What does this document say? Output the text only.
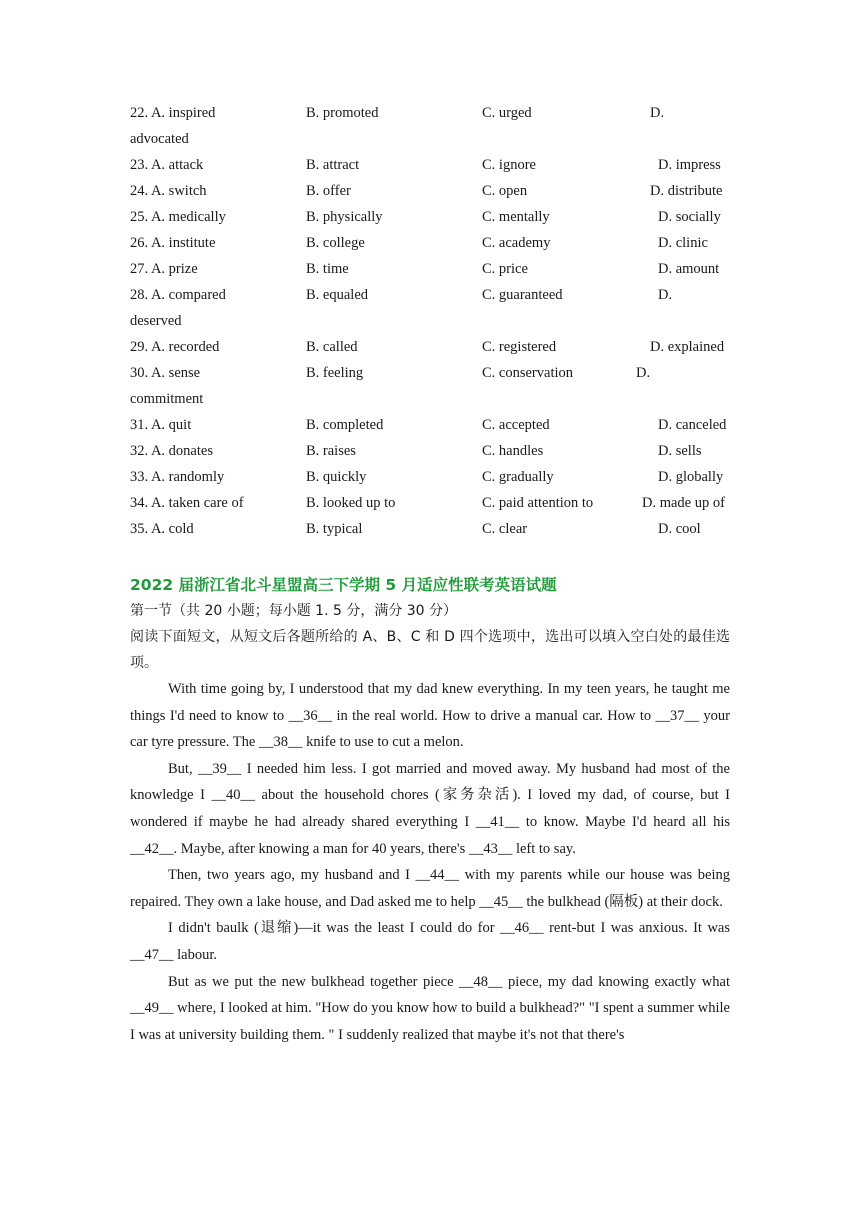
22. A. inspired	B. promoted	C. urged	D.
advocated
23. A. attack	B. attract	C. ignore	D. impress
24. A. switch	B. offer	C. open	D. distribute
25. A. medically	B. physically	C. mentally	D. socially
26. A. institute	B. college	C. academy	D. clinic
27. A. prize	B. time	C. price	D. amount
28. A. compared	B. equaled	C. guaranteed	D.
deserved
29. A. recorded	B. called	C. registered	D. explained
30. A. sense	B. feeling	C. conservation	D.
commitment
31. A. quit	B. completed	C. accepted	D. canceled
32. A. donates	B. raises	C. handles	D. sells
33. A. randomly	B. quickly	C. gradually	D. globally
34. A. taken care of	B. looked up to	C. paid attention to	D. made up of
35. A. cold	B. typical	C. clear	D. cool
2022 届浙江省北斗星盟高三下学期 5 月适应性联考英语试题
第一节（共 20 小题；每小题 1. 5 分，满分 30 分）
阅读下面短文，从短文后各题所给的 A、B、C 和 D 四个选项中，选出可以填入空白处的最佳选项。

With time going by, I understood that my dad knew everything. In my teen years, he taught me things I'd need to know to __36__ in the real world. How to drive a manual car. How to __37__ your car tyre pressure. The __38__ knife to use to cut a melon.

But, __39__ I needed him less. I got married and moved away. My husband had most of the knowledge I __40__ about the household chores (家务杂活). I loved my dad, of course, but I wondered if maybe he had already shared everything I __41__ to know. Maybe I'd heard all his __42__. Maybe, after knowing a man for 40 years, there's __43__ left to say.

Then, two years ago, my husband and I __44__ with my parents while our house was being repaired. They own a lake house, and Dad asked me to help __45__ the bulkhead (隔板) at their dock.

I didn't baulk (退缩)—it was the least I could do for __46__ rent-but I was anxious. It was __47__ labour.

But as we put the new bulkhead together piece __48__ piece, my dad knowing exactly what __49__ where, I looked at him. "How do you know how to build a bulkhead?" "I spent a summer while I was at university building them. " I suddenly realized that maybe it's not that there's
